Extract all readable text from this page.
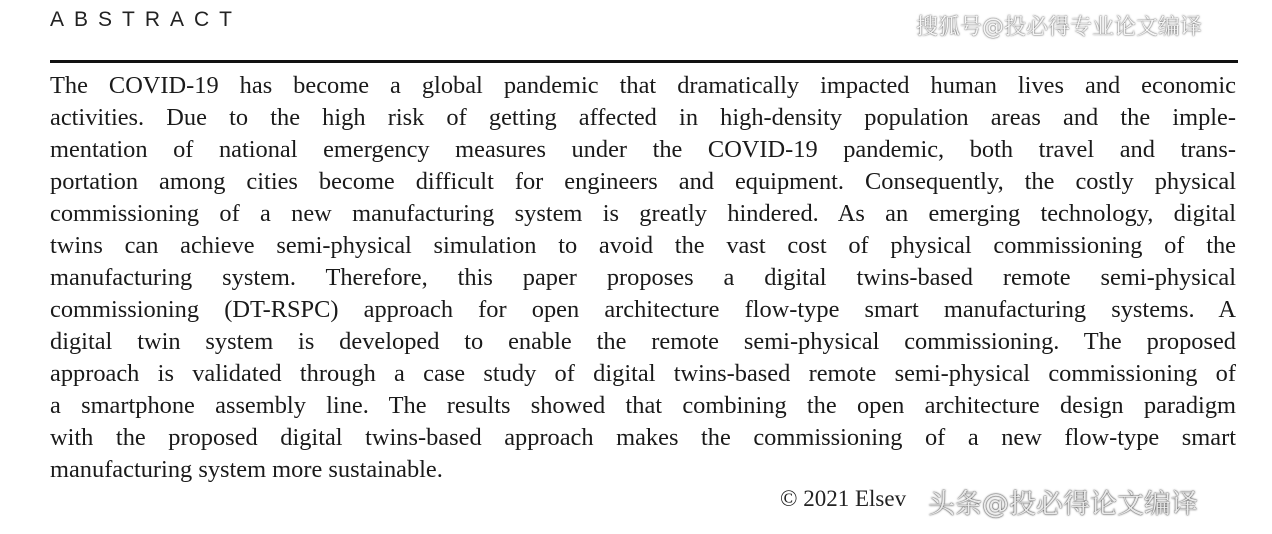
ABSTRACT
The COVID-19 has become a global pandemic that dramatically impacted human lives and economic
activities. Due to the high risk of getting affected in high-density population areas and the imple-
mentation of national emergency measures under the COVID-19 pandemic, both travel and trans-
portation among cities become difficult for engineers and equipment. Consequently, the costly physical
commissioning of a new manufacturing system is greatly hindered. As an emerging technology, digital
twins can achieve semi-physical simulation to avoid the vast cost of physical commissioning of the
manufacturing system. Therefore, this paper proposes a digital twins-based remote semi-physical
commissioning (DT-RSPC) approach for open architecture flow-type smart manufacturing systems. A
digital twin system is developed to enable the remote semi-physical commissioning. The proposed
approach is validated through a case study of digital twins-based remote semi-physical commissioning of
a smartphone assembly line. The results showed that combining the open architecture design paradigm
with the proposed digital twins-based approach makes the commissioning of a new flow-type smart
manufacturing system more sustainable.
© 2021 Elsev
搜狐号@投必得专业论文编译
头条@投必得论文编译
